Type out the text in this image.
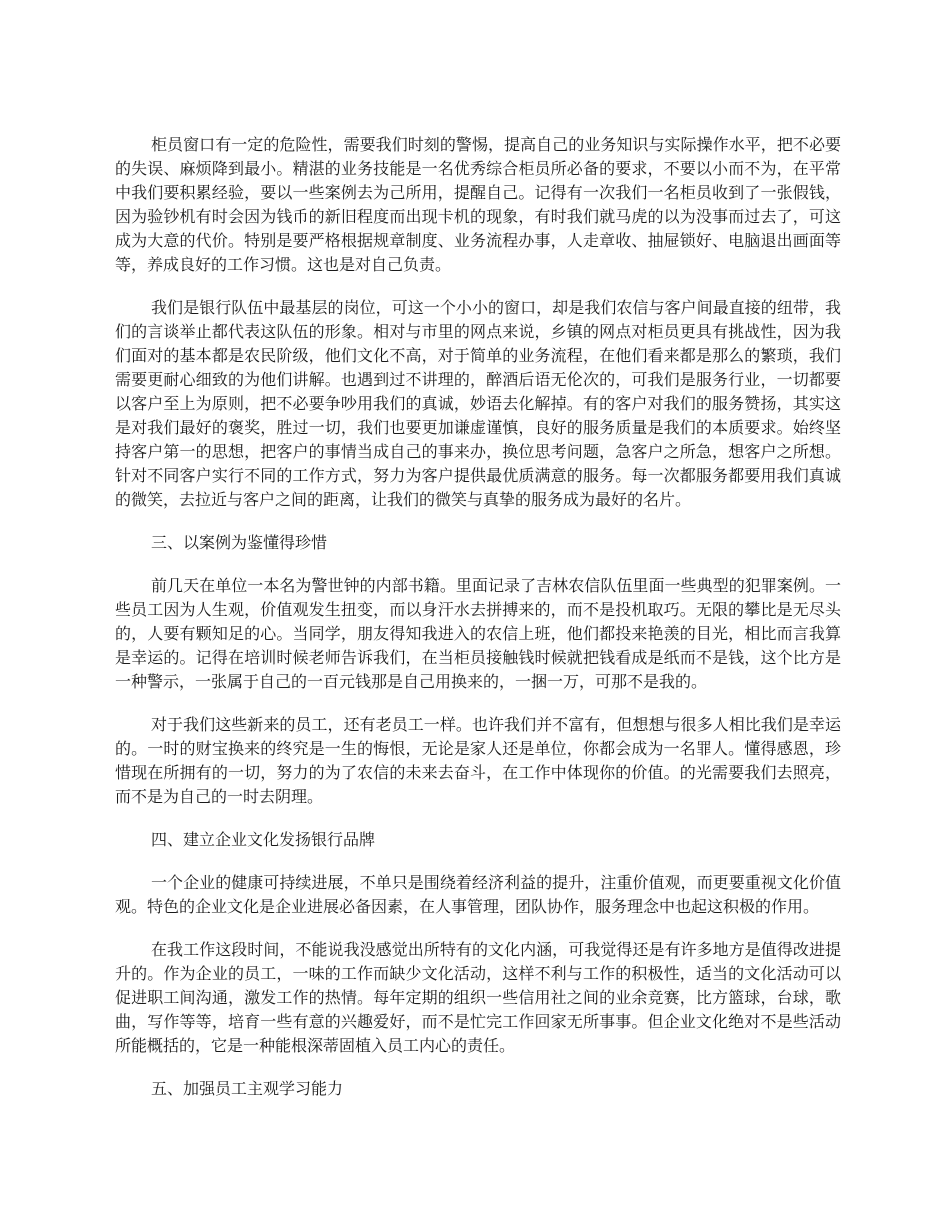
柜员窗口有一定的危险性，需要我们时刻的警惕，提高自己的业务知识与实际操作水平，把不必要的失误、麻烦降到最小。精湛的业务技能是一名优秀综合柜员所必备的要求，不要以小而不为，在平常中我们要积累经验，要以一些案例去为己所用，提醒自己。记得有一次我们一名柜员收到了一张假钱，因为验钞机有时会因为钱币的新旧程度而出现卡机的现象，有时我们就马虎的以为没事而过去了，可这成为大意的代价。特别是要严格根据规章制度、业务流程办事，人走章收、抽屉锁好、电脑退出画面等等，养成良好的工作习惯。这也是对自己负责。

我们是银行队伍中最基层的岗位，可这一个小小的窗口，却是我们农信与客户间最直接的纽带，我们的言谈举止都代表这队伍的形象。相对与市里的网点来说，乡镇的网点对柜员更具有挑战性，因为我们面对的基本都是农民阶级，他们文化不高，对于简单的业务流程，在他们看来都是那么的繁琐，我们需要更耐心细致的为他们讲解。也遇到过不讲理的，醉酒后语无伦次的，可我们是服务行业，一切都要以客户至上为原则，把不必要争吵用我们的真诚，妙语去化解掉。有的客户对我们的服务赞扬，其实这是对我们最好的褒奖，胜过一切，我们也要更加谦虚谨慎，良好的服务质量是我们的本质要求。始终坚持客户第一的思想，把客户的事情当成自己的事来办，换位思考问题，急客户之所急，想客户之所想。针对不同客户实行不同的工作方式，努力为客户提供最优质满意的服务。每一次都服务都要用我们真诚的微笑，去拉近与客户之间的距离，让我们的微笑与真挚的服务成为最好的名片。

三、以案例为鉴懂得珍惜

前几天在单位一本名为警世钟的内部书籍。里面记录了吉林农信队伍里面一些典型的犯罪案例。一些员工因为人生观，价值观发生扭变，而以身汗水去拼搏来的，而不是投机取巧。无限的攀比是无尽头的，人要有颗知足的心。当同学，朋友得知我进入的农信上班，他们都投来艳羡的目光，相比而言我算是幸运的。记得在培训时候老师告诉我们，在当柜员接触钱时候就把钱看成是纸而不是钱，这个比方是一种警示，一张属于自己的一百元钱那是自己用换来的，一捆一万，可那不是我的。

对于我们这些新来的员工，还有老员工一样。也许我们并不富有，但想想与很多人相比我们是幸运的。一时的财宝换来的终究是一生的悔恨，无论是家人还是单位，你都会成为一名罪人。懂得感恩，珍惜现在所拥有的一切，努力的为了农信的未来去奋斗，在工作中体现你的价值。的光需要我们去照亮，而不是为自己的一时去阴理。

四、建立企业文化发扬银行品牌

一个企业的健康可持续进展，不单只是围绕着经济利益的提升，注重价值观，而更要重视文化价值观。特色的企业文化是企业进展必备因素，在人事管理，团队协作，服务理念中也起这积极的作用。

在我工作这段时间，不能说我没感觉出所特有的文化内涵，可我觉得还是有许多地方是值得改进提升的。作为企业的员工，一味的工作而缺少文化活动，这样不利与工作的积极性，适当的文化活动可以促进职工间沟通，激发工作的热情。每年定期的组织一些信用社之间的业余竞赛，比方篮球，台球，歌曲，写作等等，培育一些有意的兴趣爱好，而不是忙完工作回家无所事事。但企业文化绝对不是些活动所能概括的，它是一种能根深蒂固植入员工内心的责任。

五、加强员工主观学习能力
